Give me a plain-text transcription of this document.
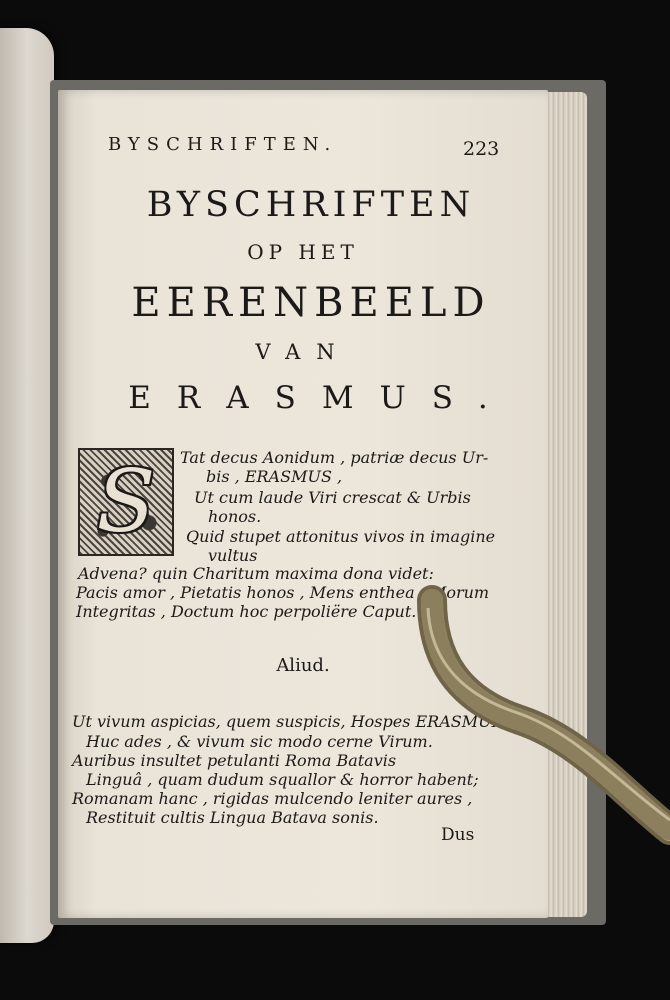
BYSCHRIFTEN.	223
BYSCHRIFTEN
OP HET
EERENBEELD
VAN
ERASMUS.
S Tat decus Aonidum , patriæ decus Ur-
bis , ERASMUS ,
Ut cum laude Viri crescat & Urbis
honos.
Quid stupet attonitus vivos in imagine
vultus
Advena? quin Charitum maxima dona videt:
Pacis amor , Pietatis honos , Mens enthea , Morum
Integritas , Doctum hoc perpoliëre Caput.
Aliud.
Ut vivum aspicias, quem suspicis, Hospes ERASMUM,
Huc ades , & vivum sic modo cerne Virum.
Auribus insultet petulanti Roma Batavis
Linguâ , quam dudum squallor & horror habent;
Romanam hanc , rigidas mulcendo leniter aures ,
Restituit cultis Lingua Batava sonis.
Dus
